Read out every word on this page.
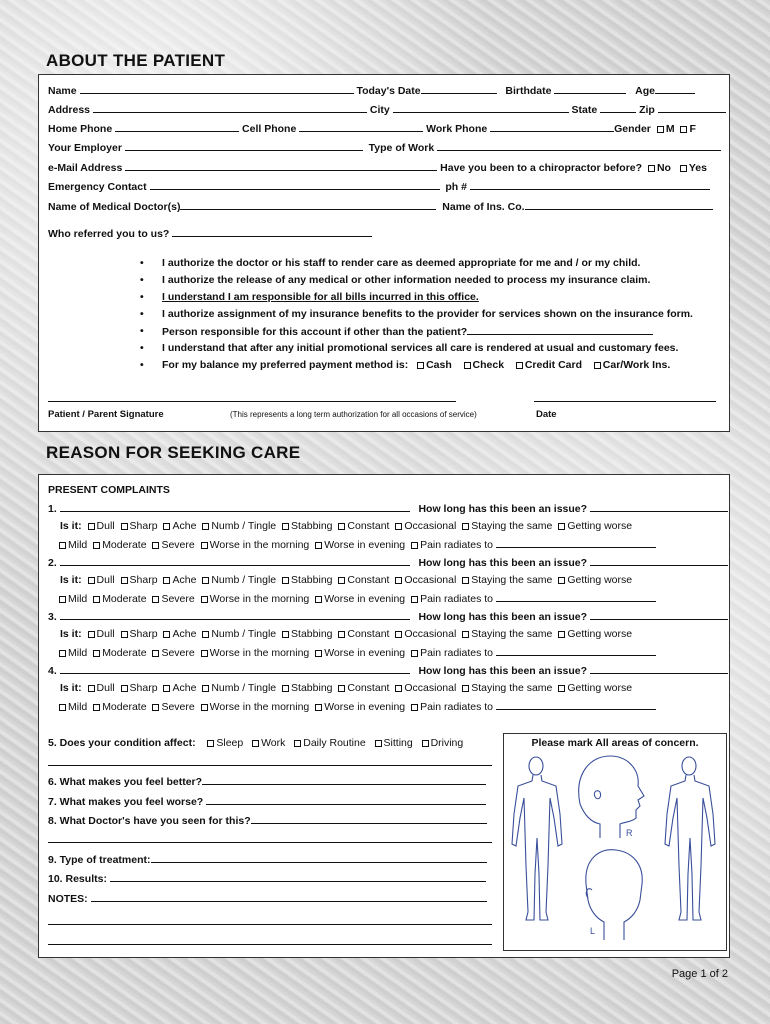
ABOUT THE PATIENT
Name	Today's Date	Birthdate	Age
Address	City	State	Zip
Home Phone	Cell Phone	Work Phone	Gender M F
Your Employer	Type of Work
e-Mail Address	Have you been to a chiropractor before? No Yes
Emergency Contact	ph #
Name of Medical Doctor(s)	Name of Ins. Co.
Who referred you to us?
• I authorize the doctor or his staff to render care as deemed appropriate for me and / or my child.
• I authorize the release of any medical or other information needed to process my insurance claim.
• I understand I am responsible for all bills incurred in this office.
• I authorize assignment of my insurance benefits to the provider for services shown on the insurance form.
• Person responsible for this account if other than the patient?
• I understand that after any initial promotional services all care is rendered at usual and customary fees.
• For my balance my preferred payment method is: Cash Check Credit Card Car/Work Ins.
Patient / Parent Signature	(This represents a long term authorization for all occasions of service)	Date
REASON FOR SEEKING CARE
PRESENT COMPLAINTS
1.	How long has this been an issue?
Is it: Dull Sharp Ache Numb / Tingle Stabbing Constant Occasional Staying the same Getting worse
Mild Moderate Severe Worse in the morning Worse in evening Pain radiates to
2.	How long has this been an issue?
Is it: Dull Sharp Ache Numb / Tingle Stabbing Constant Occasional Staying the same Getting worse
Mild Moderate Severe Worse in the morning Worse in evening Pain radiates to
3.	How long has this been an issue?
Is it: Dull Sharp Ache Numb / Tingle Stabbing Constant Occasional Staying the same Getting worse
Mild Moderate Severe Worse in the morning Worse in evening Pain radiates to
4.	How long has this been an issue?
Is it: Dull Sharp Ache Numb / Tingle Stabbing Constant Occasional Staying the same Getting worse
Mild Moderate Severe Worse in the morning Worse in evening Pain radiates to
5. Does your condition affect: Sleep Work Daily Routine Sitting Driving
6. What makes you feel better?
7. What makes you feel worse?
8. What Doctor's have you seen for this?
9. Type of treatment:
10. Results:
NOTES:
Please mark All areas of concern.
R
L
Page 1 of 2
